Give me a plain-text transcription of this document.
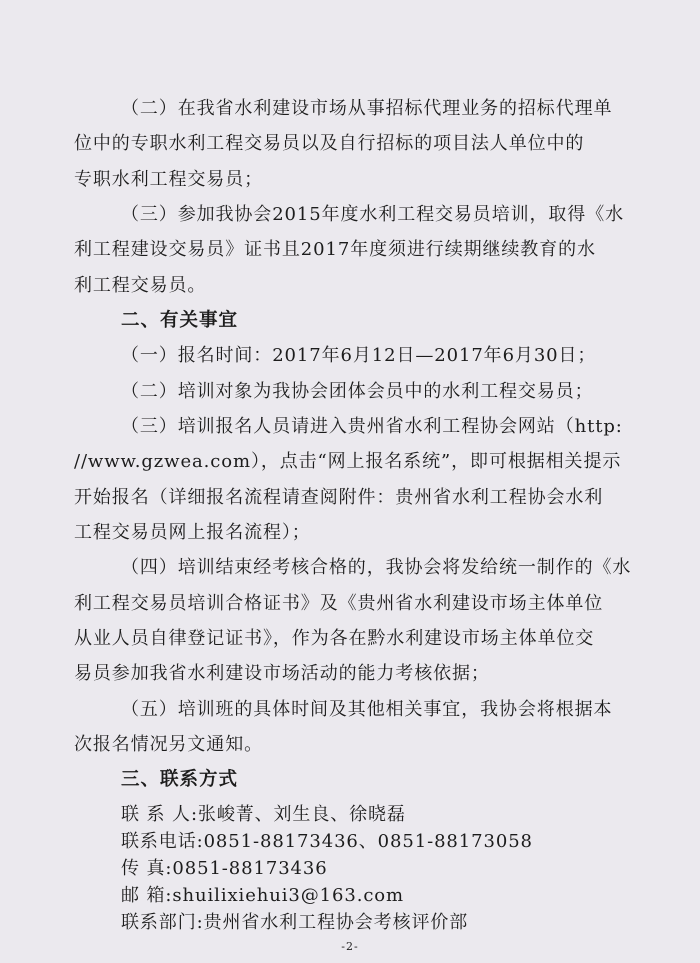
（二）在我省水利建设市场从事招标代理业务的招标代理单
位中的专职水利工程交易员以及自行招标的项目法人单位中的
专职水利工程交易员；
（三）参加我协会2015年度水利工程交易员培训，取得《水
利工程建设交易员》证书且2017年度须进行续期继续教育的水
利工程交易员。
二、有关事宜
（一）报名时间：2017年6月12日—2017年6月30日；
（二）培训对象为我协会团体会员中的水利工程交易员；
（三）培训报名人员请进入贵州省水利工程协会网站（http:
//www.gzwea.com），点击“网上报名系统”，即可根据相关提示
开始报名（详细报名流程请查阅附件：贵州省水利工程协会水利
工程交易员网上报名流程）；
（四）培训结束经考核合格的，我协会将发给统一制作的《水
利工程交易员培训合格证书》及《贵州省水利建设市场主体单位
从业人员自律登记证书》，作为各在黔水利建设市场主体单位交
易员参加我省水利建设市场活动的能力考核依据；
（五）培训班的具体时间及其他相关事宜，我协会将根据本
次报名情况另文通知。
三、联系方式
联 系 人:张峻菁、刘生良、徐晓磊
联系电话:0851-88173436、0851-88173058
传 真:0851-88173436
邮 箱:shuilixiehui3@163.com
联系部门:贵州省水利工程协会考核评价部
-2-
